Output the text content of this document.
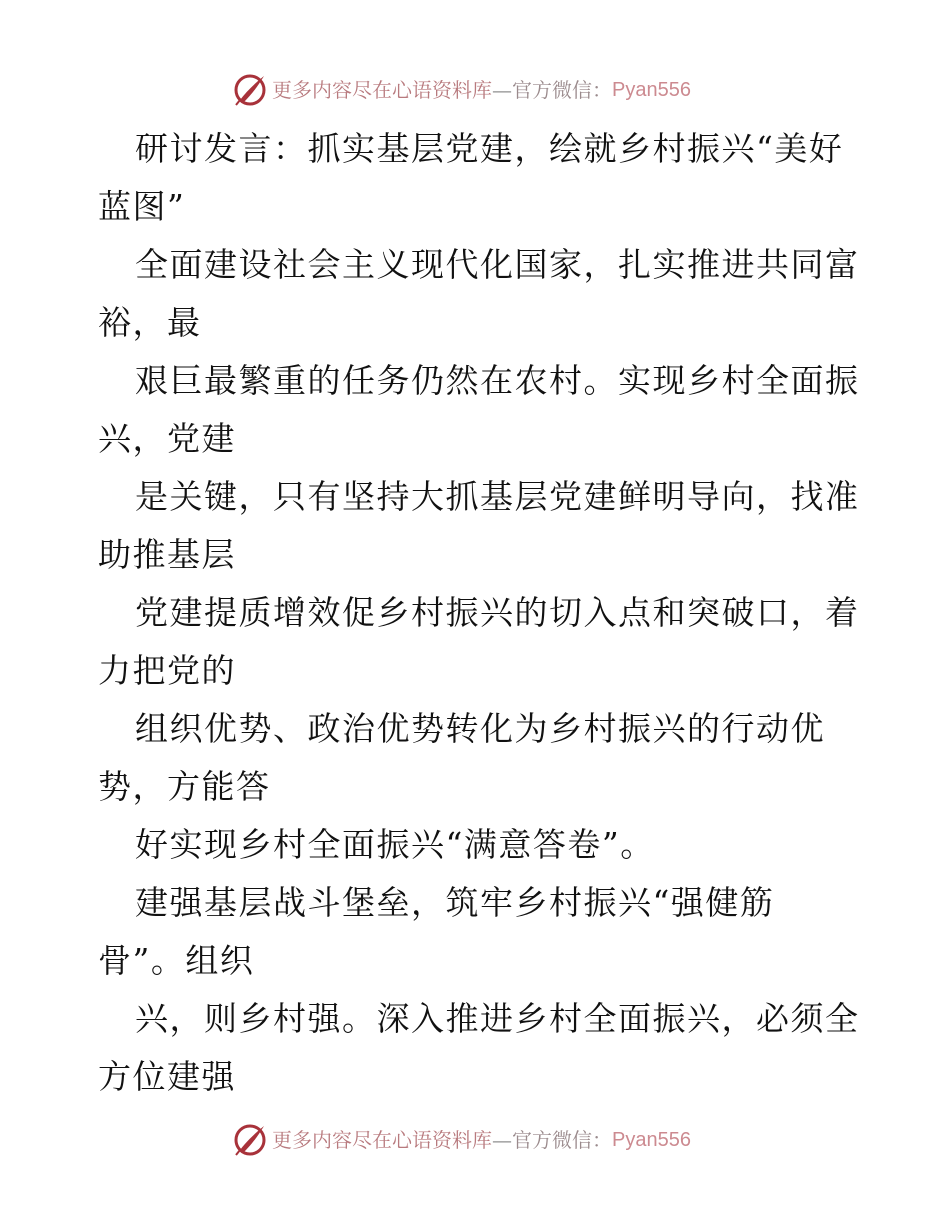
更多内容尽在心语资料库 — 官方微信： Pyan556
研讨发言：抓实基层党建，绘就乡村振兴“美好
蓝图”
全面建设社会主义现代化国家，扎实推进共同富
裕，最
艰巨最繁重的任务仍然在农村。实现乡村全面振
兴，党建
是关键，只有坚持大抓基层党建鲜明导向，找准
助推基层
党建提质增效促乡村振兴的切入点和突破口，着
力把党的
组织优势、政治优势转化为乡村振兴的行动优
势，方能答
好实现乡村全面振兴“满意答卷”。
建强基层战斗堡垒，筑牢乡村振兴“强健筋
骨”。组织
兴，则乡村强。深入推进乡村全面振兴，必须全
方位建强
更多内容尽在心语资料库 — 官方微信： Pyan556
